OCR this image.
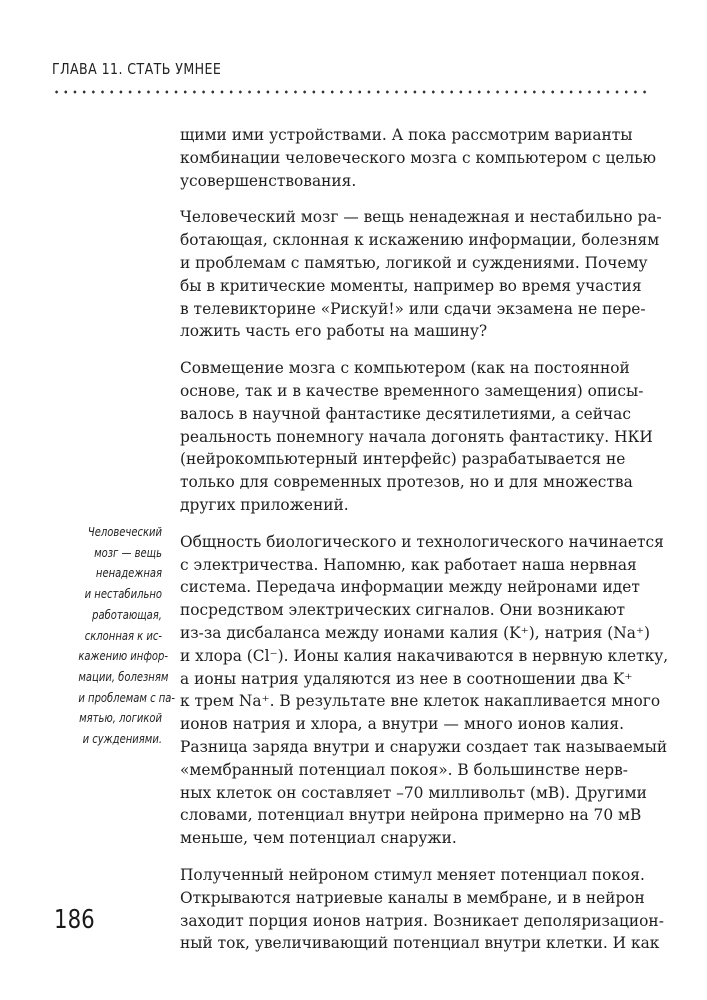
ГЛАВА 11. СТАТЬ УМНЕЕ
щими ими устройствами. А пока рассмотрим варианты
комбинации человеческого мозга с компьютером с целью
усовершенствования.
Человеческий мозг — вещь ненадежная и нестабильно ра-
ботающая, склонная к искажению информации, болезням
и проблемам с памятью, логикой и суждениями. Почему
бы в критические моменты, например во время участия
в телевикторине «Рискуй!» или сдачи экзамена не пере-
ложить часть его работы на машину?
Совмещение мозга с компьютером (как на постоянной
основе, так и в качестве временного замещения) описы-
валось в научной фантастике десятилетиями, а сейчас
реальность понемногу начала догонять фантастику. НКИ
(нейрокомпьютерный интерфейс) разрабатывается не
только для современных протезов, но и для множества
других приложений.
Общность биологического и технологического начинается
с электричества. Напомню, как работает наша нервная
система. Передача информации между нейронами идет
посредством электрических сигналов. Они возникают
из-за дисбаланса между ионами калия (K⁺), натрия (Na⁺)
и хлора (Cl⁻). Ионы калия накачиваются в нервную клетку,
а ионы натрия удаляются из нее в соотношении два K⁺
к трем Na⁺. В результате вне клеток накапливается много
ионов натрия и хлора, а внутри — много ионов калия.
Разница заряда внутри и снаружи создает так называемый
«мембранный потенциал покоя». В большинстве нерв-
ных клеток он составляет –70 милливольт (мВ). Другими
словами, потенциал внутри нейрона примерно на 70 мВ
меньше, чем потенциал снаружи.
Полученный нейроном стимул меняет потенциал покоя.
Открываются натриевые каналы в мембране, и в нейрон
заходит порция ионов натрия. Возникает деполяризацион-
ный ток, увеличивающий потенциал внутри клетки. И как
Человеческий
мозг — вещь
ненадежная
и нестабильно
работающая,
склонная к ис-
кажению инфор-
мации, болезням
и проблемам с па-
мятью, логикой
и суждениями.
186
